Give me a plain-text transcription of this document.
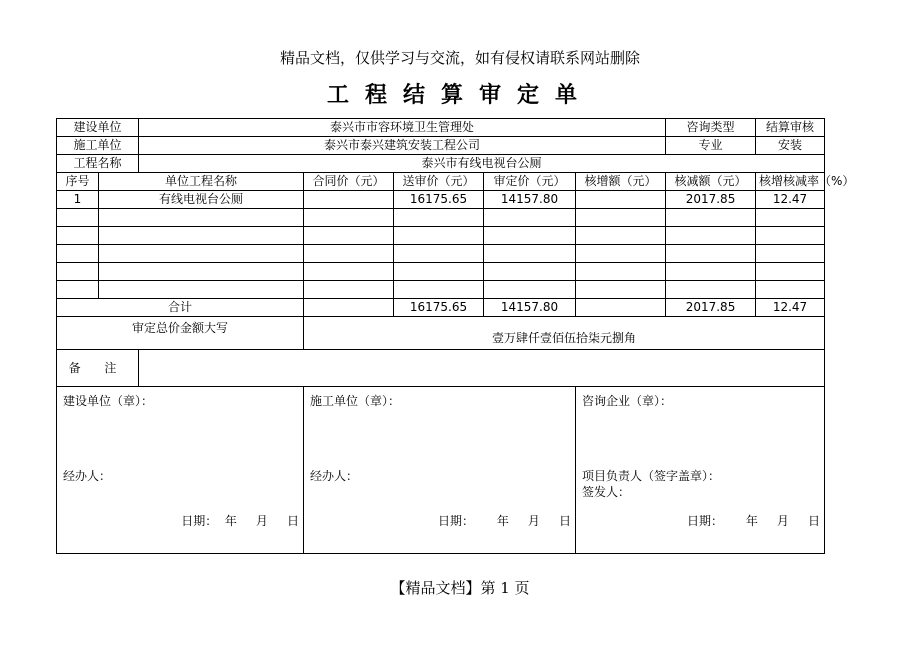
精品文档，仅供学习与交流，如有侵权请联系网站删除
工程结算审定单
建设单位		泰兴市市容环境卫生管理处					咨询类型	结算审核
施工单位		泰兴市泰兴建筑安装工程公司					专业	安装
工程名称		泰兴市有线电视台公厕						
序号	单位工程名称		合同价（元）	送审价（元）	审定价（元）	核增额（元）	核减额（元）	核增核减率（%）
1	有线电视台公厕			16175.65	14157.80		2017.85	12.47

合计				16175.65	14157.80		2017.85	12.47
审定总价金额大写			壹万肆仟壹佰伍拾柒元捌角					
备 注								

建设单位（章）：
经办人：
日期：  年     月     日			施工单位（章）：
经办人：
日期：      年     月     日			咨询企业（章）：
项目负责人（签字盖章）：
签发人：
日期：      年     月     日		
【精品文档】第 1 页
